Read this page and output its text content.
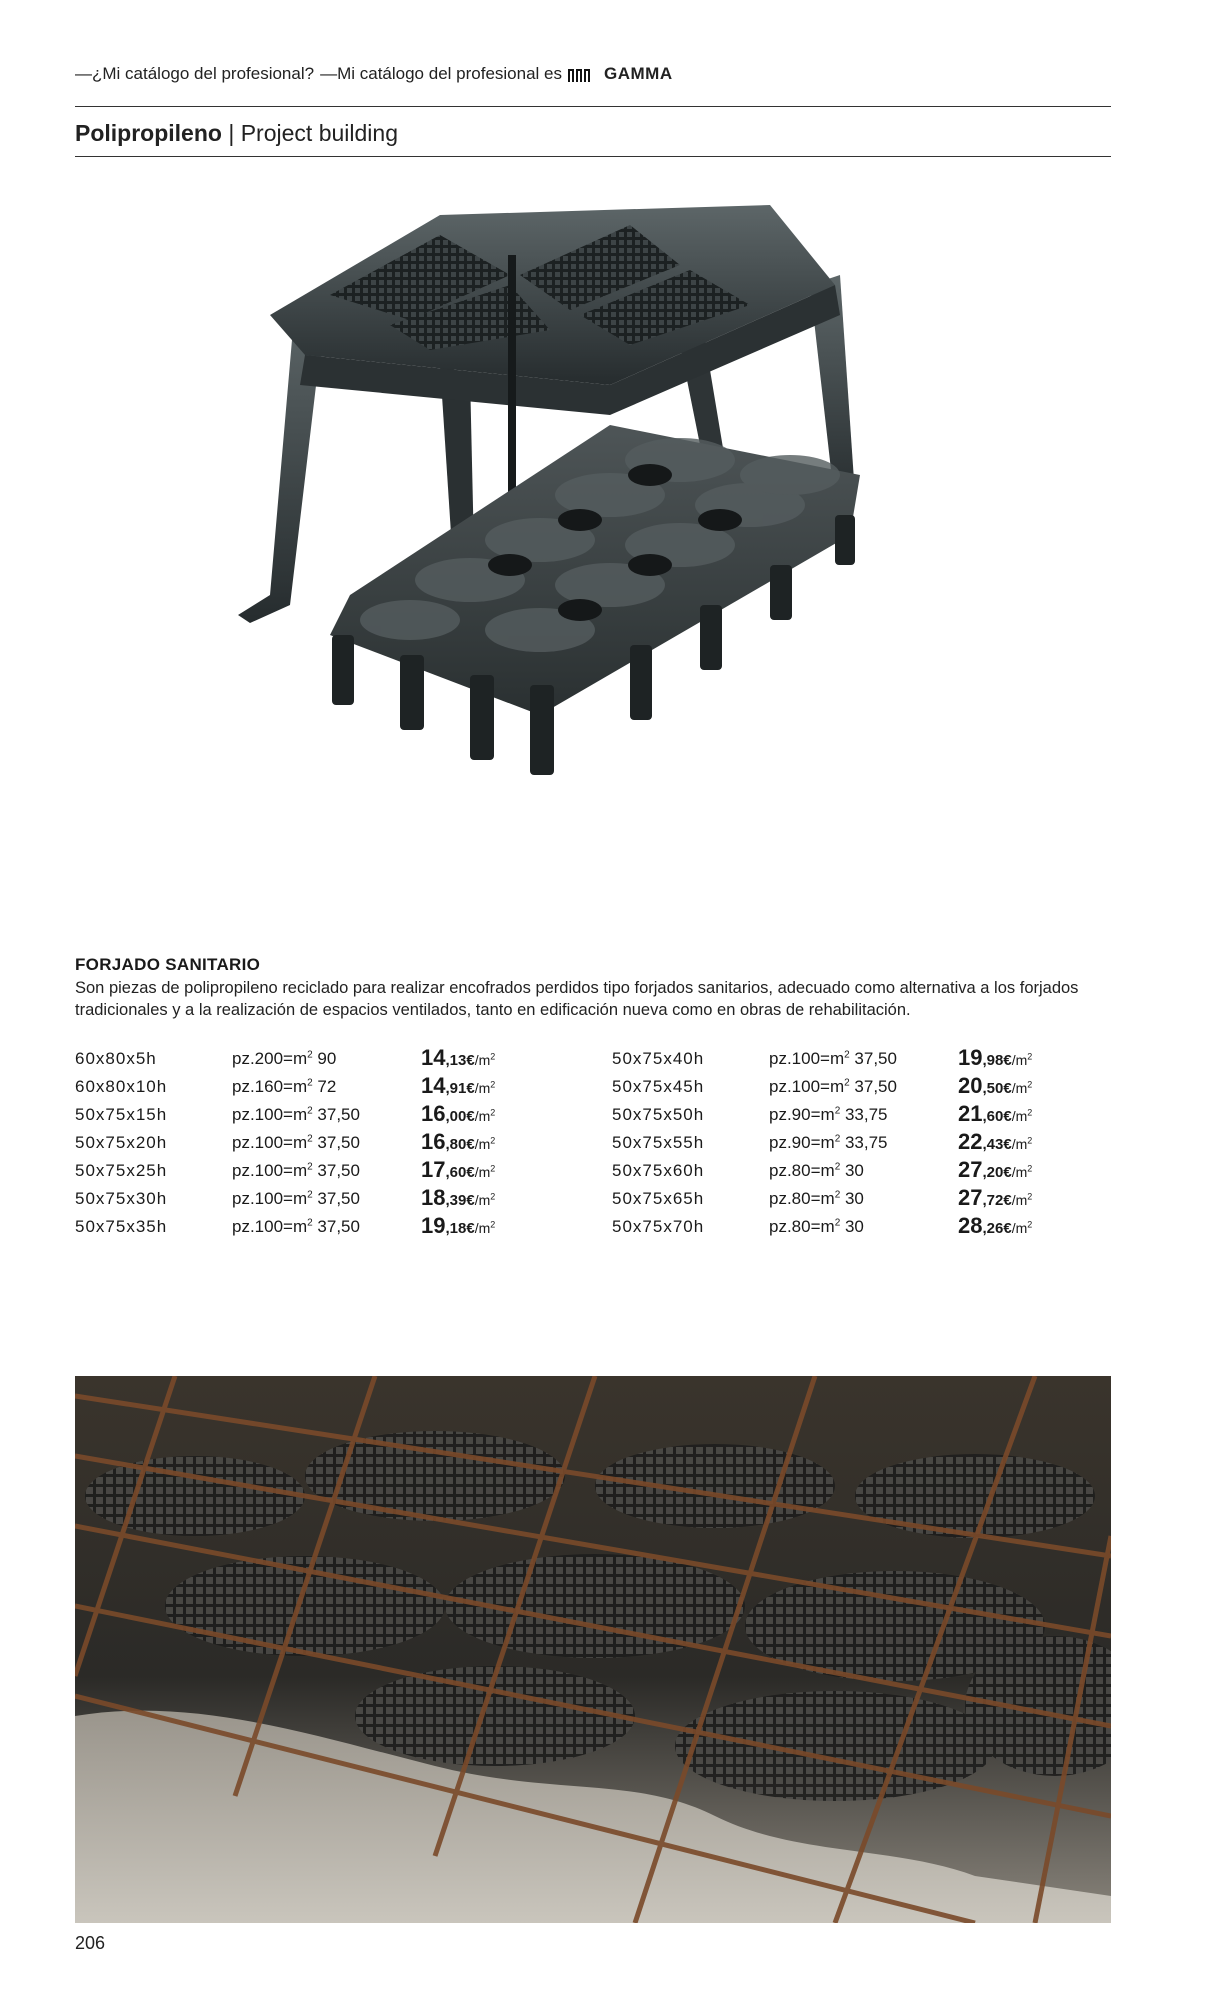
—¿Mi catálogo del profesional? —Mi catálogo del profesional es GAMMA
Polipropileno | Project building
FORJADO SANITARIO
Son piezas de polipropileno reciclado para realizar encofrados perdidos tipo forjados sanitarios, adecuado como alternativa a los forjados tradicionales y a la realización de espacios ventilados, tanto en edificación nueva como en obras de rehabilitación.
60x80x5h	$pz.200=m^2$ 90	$14,13€/m^2$
60x80x10h	$pz.160=m^2$ 72	$14,91€/m^2$
50x75x15h	$pz.100=m^2$ 37,50	$16,00€/m^2$
50x75x20h	$pz.100=m^2$ 37,50	$16,80€/m^2$
50x75x25h	$pz.100=m^2$ 37,50	$17,60€/m^2$
50x75x30h	$pz.100=m^2$ 37,50	$18,39€/m^2$
50x75x35h	$pz.100=m^2$ 37,50	$19,18€/m^2$
50x75x40h	$pz.100=m^2$ 37,50	$19,98€/m^2$
50x75x45h	$pz.100=m^2$ 37,50	$20,50€/m^2$
50x75x50h	$pz.90=m^2$ 33,75	$21,60€/m^2$
50x75x55h	$pz.90=m^2$ 33,75	$22,43€/m^2$
50x75x60h	$pz.80=m^2$ 30	$27,20€/m^2$
50x75x65h	$pz.80=m^2$ 30	$27,72€/m^2$
50x75x70h	$pz.80=m^2$ 30	$28,26€/m^2$
206
